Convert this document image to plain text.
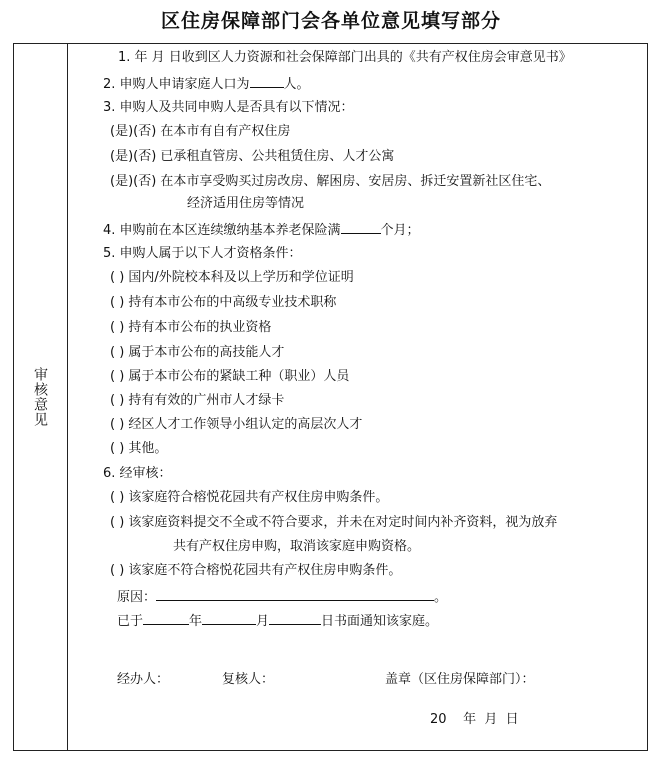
区住房保障部门会各单位意见填写部分
审核意见
1. 年 月 日收到区人力资源和社会保障部门出具的《共有产权住房会审意见书》
2. 申购人申请家庭人口为	人。
3. 申购人及共同申购人是否具有以下情况：
(是)(否) 在本市有自有产权住房
(是)(否) 已承租直管房、公共租赁住房、人才公寓
(是)(否) 在本市享受购买过房改房、解困房、安居房、拆迁安置新社区住宅、
经济适用住房等情况
4. 申购前在本区连续缴纳基本养老保险满	个月；
5. 申购人属于以下人才资格条件：
( ) 国内/外院校本科及以上学历和学位证明
( ) 持有本市公布的中高级专业技术职称
( ) 持有本市公布的执业资格
( ) 属于本市公布的高技能人才
( ) 属于本市公布的紧缺工种（职业）人员
( ) 持有有效的广州市人才绿卡
( ) 经区人才工作领导小组认定的高层次人才
( ) 其他。
6. 经审核：
( ) 该家庭符合榕悦花园共有产权住房申购条件。
( ) 该家庭资料提交不全或不符合要求，并未在对定时间内补齐资料，视为放弃
共有产权住房申购，取消该家庭申购资格。
( ) 该家庭不符合榕悦花园共有产权住房申购条件。
原因：	。
已于	年	月	日书面通知该家庭。
经办人：	复核人：	盖章（区住房保障部门）：
20    年  月  日
